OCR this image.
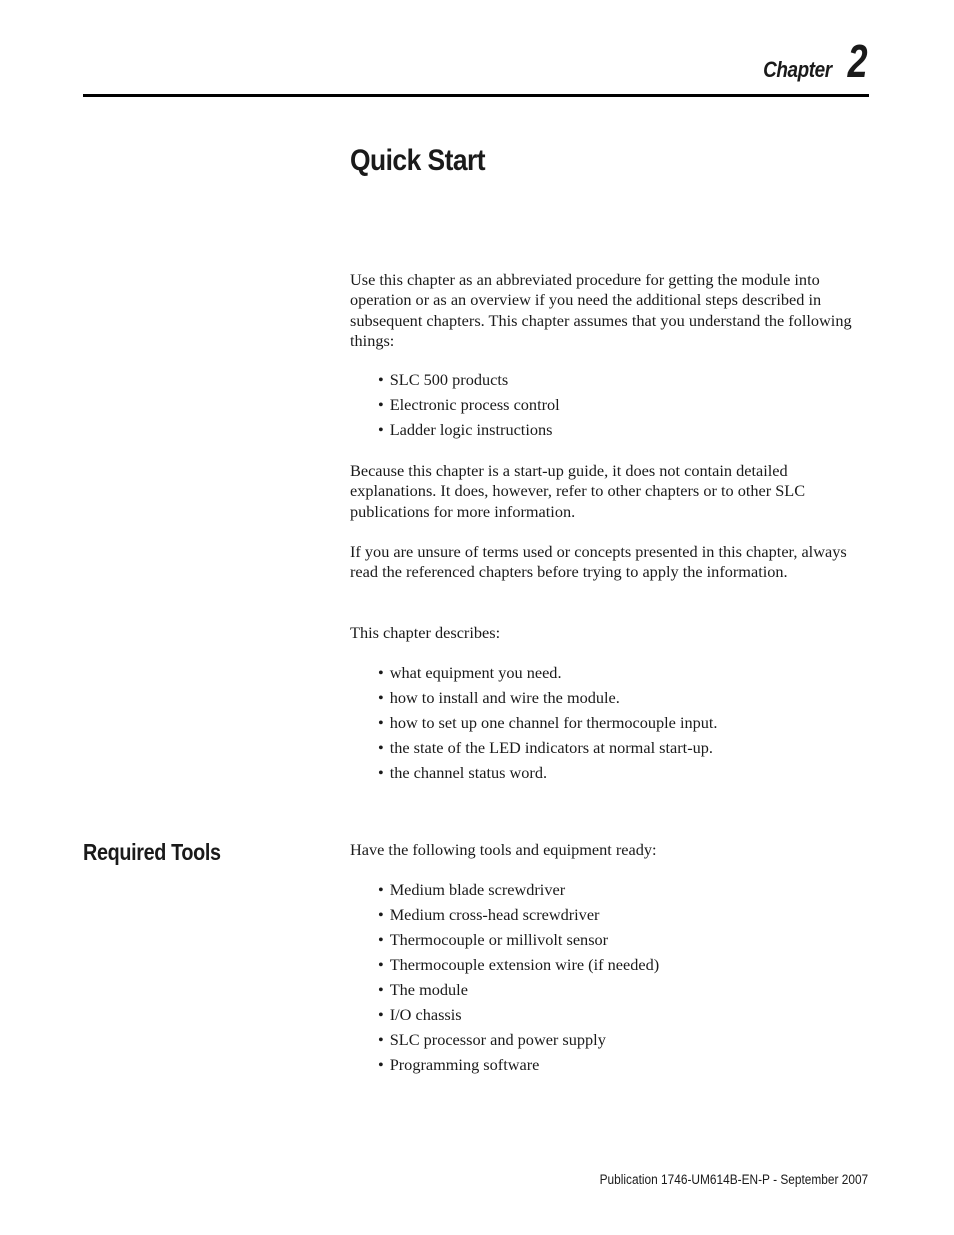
Chapter 2
Quick Start

Use this chapter as an abbreviated procedure for getting the module into operation or as an overview if you need the additional steps described in subsequent chapters. This chapter assumes that you understand the following things:

• SLC 500 products
• Electronic process control
• Ladder logic instructions

Because this chapter is a start-up guide, it does not contain detailed explanations. It does, however, refer to other chapters or to other SLC publications for more information.

If you are unsure of terms used or concepts presented in this chapter, always read the referenced chapters before trying to apply the information.

This chapter describes:

• what equipment you need.
• how to install and wire the module.
• how to set up one channel for thermocouple input.
• the state of the LED indicators at normal start-up.
• the channel status word.
Required Tools	Have the following tools and equipment ready:

• Medium blade screwdriver
• Medium cross-head screwdriver
• Thermocouple or millivolt sensor
• Thermocouple extension wire (if needed)
• The module
• I/O chassis
• SLC processor and power supply
• Programming software
Publication 1746-UM614B-EN-P - September 2007
